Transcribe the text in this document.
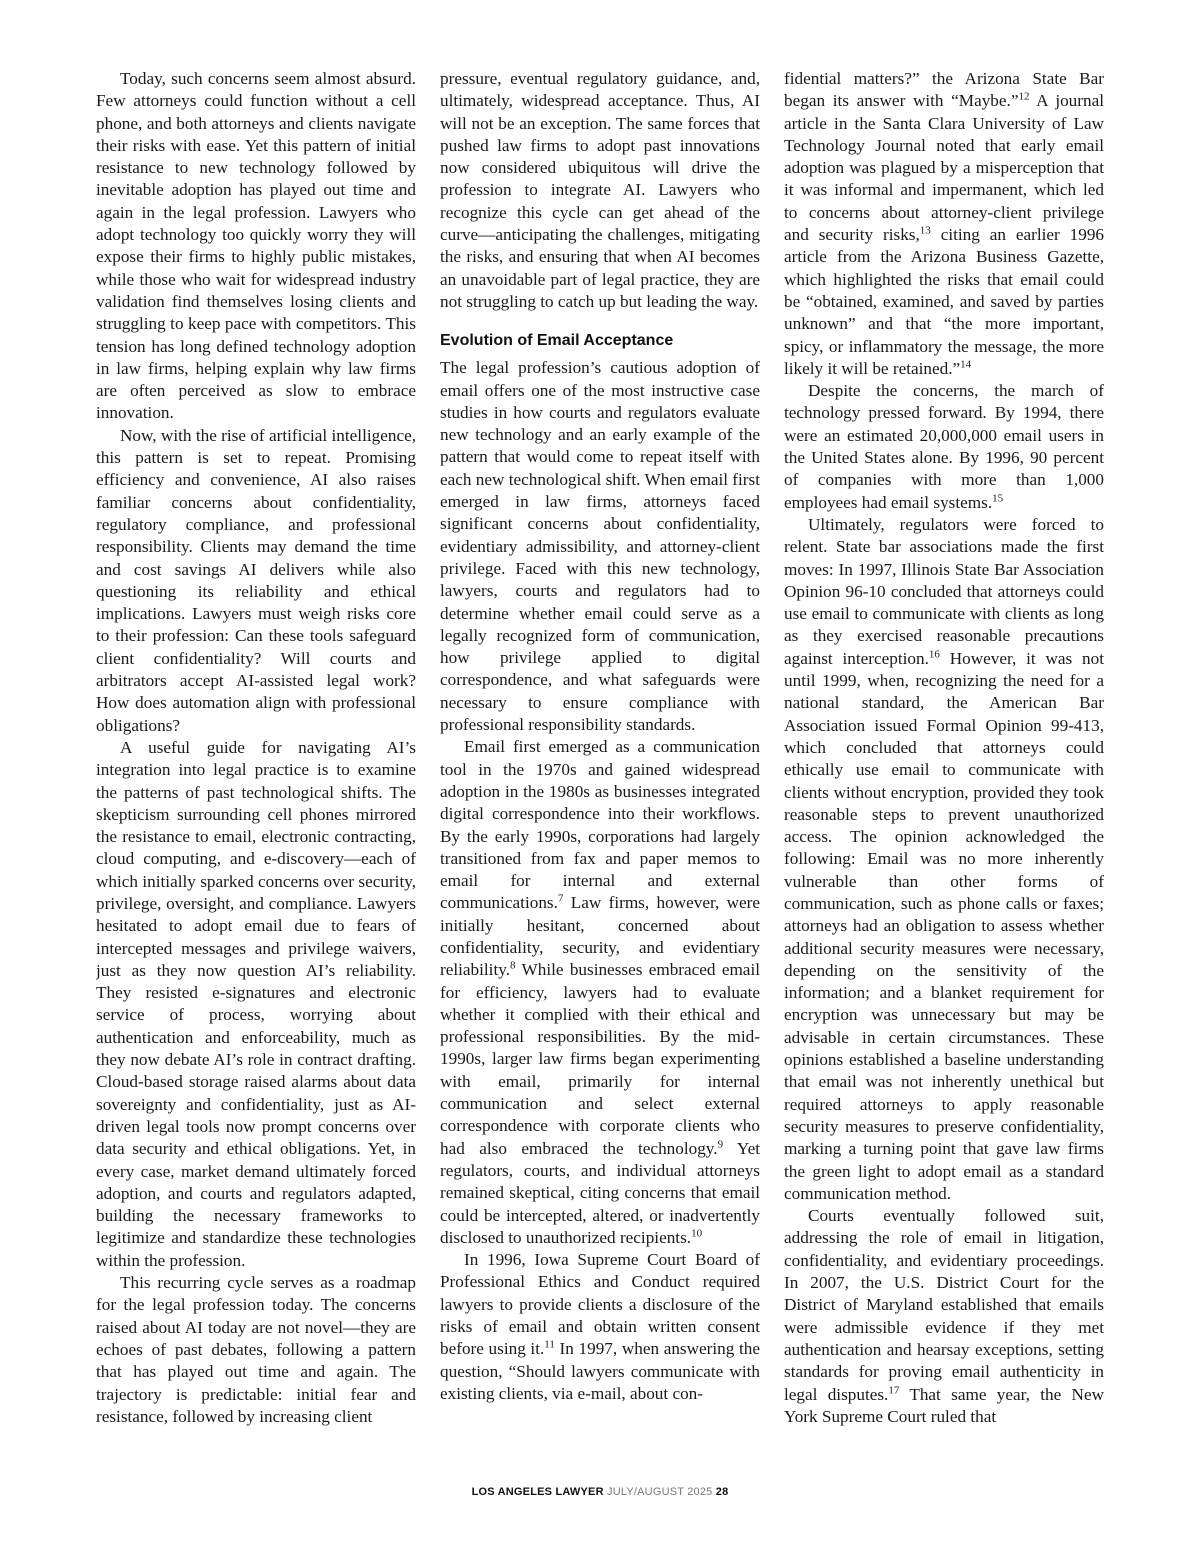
Today, such concerns seem almost absurd. Few attorneys could function without a cell phone, and both attorneys and clients navigate their risks with ease. Yet this pattern of initial resistance to new technology followed by inevitable adoption has played out time and again in the legal profession. Lawyers who adopt technology too quickly worry they will expose their firms to highly public mistakes, while those who wait for widespread industry validation find themselves losing clients and struggling to keep pace with competitors. This tension has long defined technology adoption in law firms, helping explain why law firms are often perceived as slow to embrace innovation.

Now, with the rise of artificial intelligence, this pattern is set to repeat. Promising efficiency and convenience, AI also raises familiar concerns about confidentiality, regulatory compliance, and professional responsibility. Clients may demand the time and cost savings AI delivers while also questioning its reliability and ethical implications. Lawyers must weigh risks core to their profession: Can these tools safeguard client confidentiality? Will courts and arbitrators accept AI-assisted legal work? How does automation align with professional obligations?

A useful guide for navigating AI’s integration into legal practice is to examine the patterns of past technological shifts. The skepticism surrounding cell phones mirrored the resistance to email, electronic contracting, cloud computing, and e-discovery—each of which initially sparked concerns over security, privilege, oversight, and compliance. Lawyers hesitated to adopt email due to fears of intercepted messages and privilege waivers, just as they now question AI’s reliability. They resisted e-signatures and electronic service of process, worrying about authentication and enforceability, much as they now debate AI’s role in contract drafting. Cloud-based storage raised alarms about data sovereignty and confidentiality, just as AI-driven legal tools now prompt concerns over data security and ethical obligations. Yet, in every case, market demand ultimately forced adoption, and courts and regulators adapted, building the necessary frameworks to legitimize and standardize these technologies within the profession.

This recurring cycle serves as a roadmap for the legal profession today. The concerns raised about AI today are not novel—they are echoes of past debates, following a pattern that has played out time and again. The trajectory is predictable: initial fear and resistance, followed by increasing client

pressure, eventual regulatory guidance, and, ultimately, widespread acceptance. Thus, AI will not be an exception. The same forces that pushed law firms to adopt past innovations now considered ubiquitous will drive the profession to integrate AI. Lawyers who recognize this cycle can get ahead of the curve—anticipating the challenges, mitigating the risks, and ensuring that when AI becomes an unavoidable part of legal practice, they are not struggling to catch up but leading the way.

Evolution of Email Acceptance

The legal profession’s cautious adoption of email offers one of the most instructive case studies in how courts and regulators evaluate new technology and an early example of the pattern that would come to repeat itself with each new technological shift. When email first emerged in law firms, attorneys faced significant concerns about confidentiality, evidentiary admissibility, and attorney-client privilege. Faced with this new technology, lawyers, courts and regulators had to determine whether email could serve as a legally recognized form of communication, how privilege applied to digital correspondence, and what safeguards were necessary to ensure compliance with professional responsibility standards.

Email first emerged as a communication tool in the 1970s and gained widespread adoption in the 1980s as businesses integrated digital correspondence into their workflows. By the early 1990s, corporations had largely transitioned from fax and paper memos to email for internal and external communications.$^7$ Law firms, however, were initially hesitant, concerned about confidentiality, security, and evidentiary reliability.$^8$ While businesses embraced email for efficiency, lawyers had to evaluate whether it complied with their ethical and professional responsibilities. By the mid-1990s, larger law firms began experimenting with email, primarily for internal communication and select external correspondence with corporate clients who had also embraced the technology.$^9$ Yet regulators, courts, and individual attorneys remained skeptical, citing concerns that email could be intercepted, altered, or inadvertently disclosed to unauthorized recipients.$^{10}$

In 1996, Iowa Supreme Court Board of Professional Ethics and Conduct required lawyers to provide clients a disclosure of the risks of email and obtain written consent before using it.$^{11}$ In 1997, when answering the question, “Should lawyers communicate with existing clients, via e-mail, about con-

fidential matters?” the Arizona State Bar began its answer with “Maybe.”$^{12}$ A journal article in the Santa Clara University of Law Technology Journal noted that early email adoption was plagued by a misperception that it was informal and impermanent, which led to concerns about attorney-client privilege and security risks,$^{13}$ citing an earlier 1996 article from the Arizona Business Gazette, which highlighted the risks that email could be “obtained, examined, and saved by parties unknown” and that “the more important, spicy, or inflammatory the message, the more likely it will be retained.”$^{14}$

Despite the concerns, the march of technology pressed forward. By 1994, there were an estimated 20,000,000 email users in the United States alone. By 1996, 90 percent of companies with more than 1,000 employees had email systems.$^{15}$

Ultimately, regulators were forced to relent. State bar associations made the first moves: In 1997, Illinois State Bar Association Opinion 96-10 concluded that attorneys could use email to communicate with clients as long as they exercised reasonable precautions against interception.$^{16}$ However, it was not until 1999, when, recognizing the need for a national standard, the American Bar Association issued Formal Opinion 99-413, which concluded that attorneys could ethically use email to communicate with clients without encryption, provided they took reasonable steps to prevent unauthorized access. The opinion acknowledged the following: Email was no more inherently vulnerable than other forms of communication, such as phone calls or faxes; attorneys had an obligation to assess whether additional security measures were necessary, depending on the sensitivity of the information; and a blanket requirement for encryption was unnecessary but may be advisable in certain circumstances. These opinions established a baseline understanding that email was not inherently unethical but required attorneys to apply reasonable security measures to preserve confidentiality, marking a turning point that gave law firms the green light to adopt email as a standard communication method.

Courts eventually followed suit, addressing the role of email in litigation, confidentiality, and evidentiary proceedings. In 2007, the U.S. District Court for the District of Maryland established that emails were admissible evidence if they met authentication and hearsay exceptions, setting standards for proving email authenticity in legal disputes.$^{17}$ That same year, the New York Supreme Court ruled that

LOS ANGELES LAWYER JULY/AUGUST 2025 28
